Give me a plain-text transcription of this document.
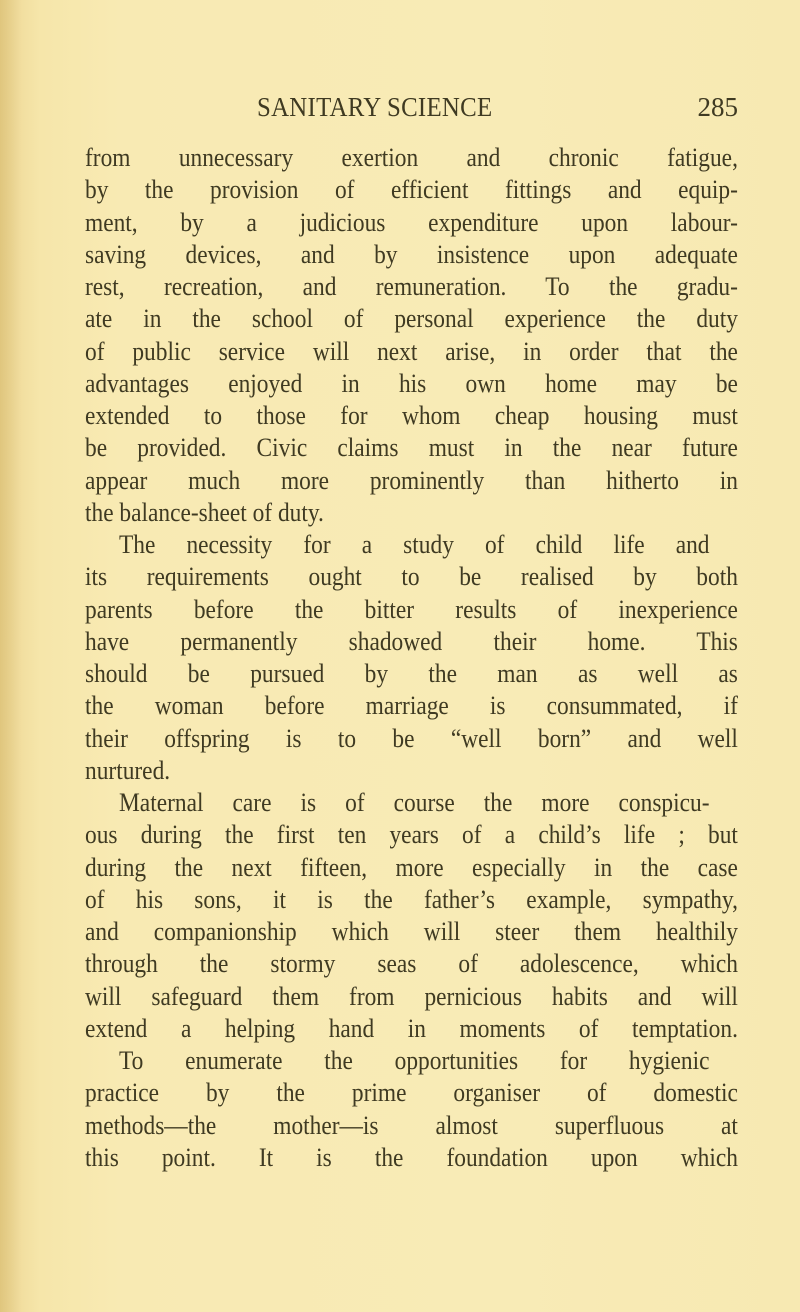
SANITARY SCIENCE	285
from unnecessary exertion and chronic fatigue,
by the provision of efficient fittings and equip-
ment, by a judicious expenditure upon labour-
saving devices, and by insistence upon adequate
rest, recreation, and remuneration. To the gradu-
ate in the school of personal experience the duty
of public service will next arise, in order that the
advantages enjoyed in his own home may be
extended to those for whom cheap housing must
be provided. Civic claims must in the near future
appear much more prominently than hitherto in
the balance-sheet of duty.
The necessity for a study of child life and
its requirements ought to be realised by both
parents before the bitter results of inexperience
have permanently shadowed their home. This
should be pursued by the man as well as
the woman before marriage is consummated, if
their offspring is to be “well born” and well
nurtured.
Maternal care is of course the more conspicu-
ous during the first ten years of a child’s life ; but
during the next fifteen, more especially in the case
of his sons, it is the father’s example, sympathy,
and companionship which will steer them healthily
through the stormy seas of adolescence, which
will safeguard them from pernicious habits and will
extend a helping hand in moments of temptation.
To enumerate the opportunities for hygienic
practice by the prime organiser of domestic
methods—the mother—is almost superfluous at
this point. It is the foundation upon which
